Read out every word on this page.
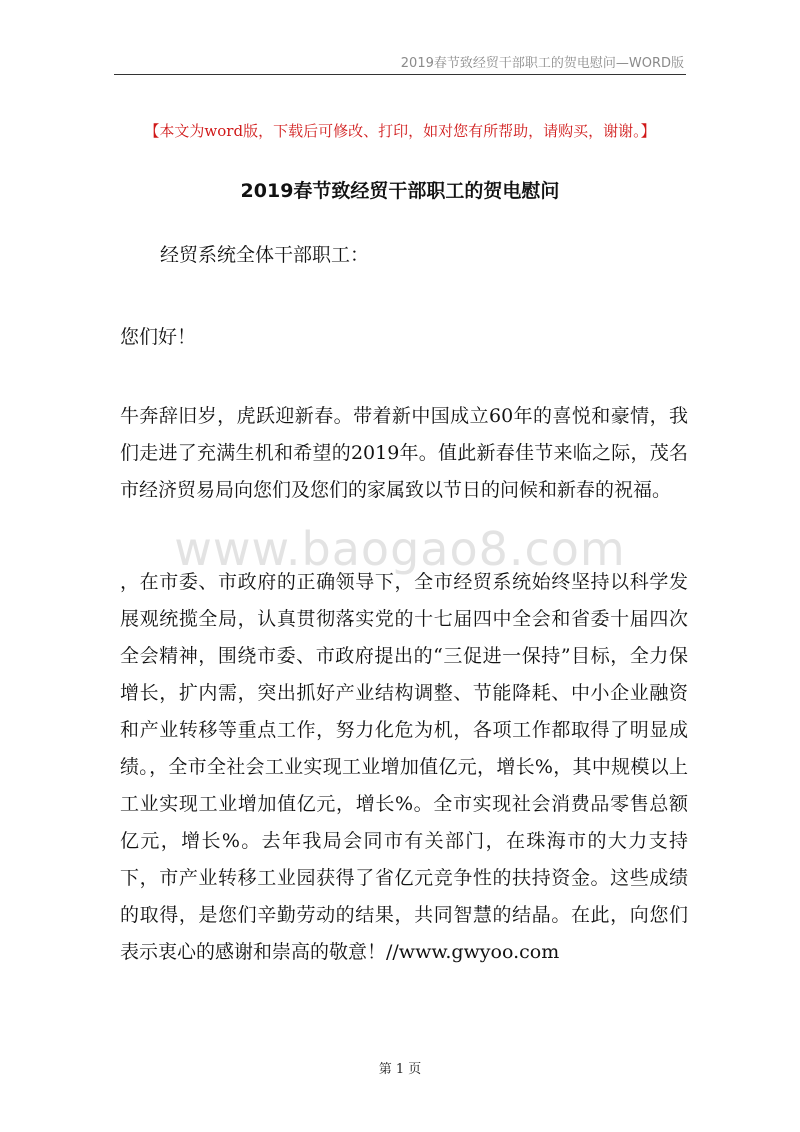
2019春节致经贸干部职工的贺电慰问—WORD版
【本文为word版，下载后可修改、打印，如对您有所帮助，请购买，谢谢。】
2019春节致经贸干部职工的贺电慰问
经贸系统全体干部职工：
您们好！
牛奔辞旧岁，虎跃迎新春。带着新中国成立60年的喜悦和豪情，我们走进了充满生机和希望的2019年。值此新春佳节来临之际，茂名市经济贸易局向您们及您们的家属致以节日的问候和新春的祝福。
www.baogao8.com
，在市委、市政府的正确领导下，全市经贸系统始终坚持以科学发展观统揽全局，认真贯彻落实党的十七届四中全会和省委十届四次全会精神，围绕市委、市政府提出的“三促进一保持”目标，全力保增长，扩内需，突出抓好产业结构调整、节能降耗、中小企业融资和产业转移等重点工作，努力化危为机，各项工作都取得了明显成绩。，全市全社会工业实现工业增加值亿元，增长%，其中规模以上工业实现工业增加值亿元，增长%。全市实现社会消费品零售总额亿元，增长%。去年我局会同市有关部门，在珠海市的大力支持下，市产业转移工业园获得了省亿元竞争性的扶持资金。这些成绩的取得，是您们辛勤劳动的结果，共同智慧的结晶。在此，向您们表示衷心的感谢和崇高的敬意！//www.gwyoo.com
第 1 页
